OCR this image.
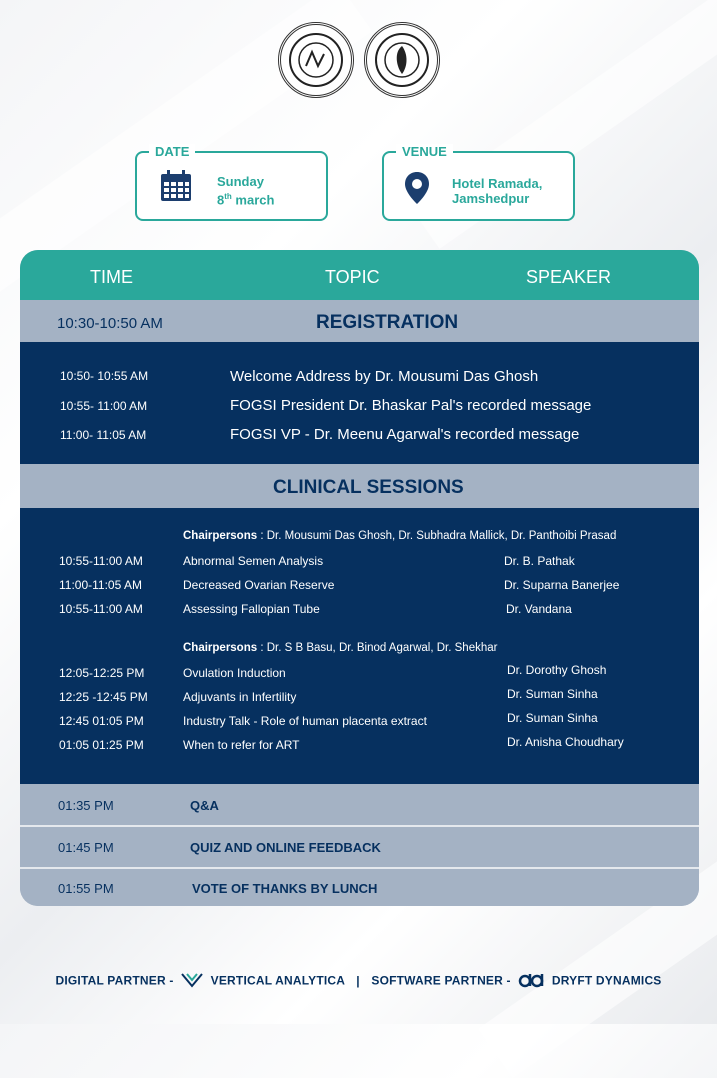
DATE
Sunday
8th march
VENUE
Hotel Ramada,
Jamshedpur
TIME	TOPIC	SPEAKER
10:30-10:50 AM	REGISTRATION
10:50- 10:55 AM	Welcome Address by Dr. Mousumi Das Ghosh
10:55- 11:00 AM	FOGSI President Dr. Bhaskar Pal's recorded message
11:00- 11:05 AM	FOGSI VP - Dr. Meenu Agarwal's recorded message
CLINICAL SESSIONS
Chairpersons : Dr. Mousumi Das Ghosh, Dr. Subhadra Mallick, Dr. Panthoibi Prasad
10:55-11:00 AM	Abnormal Semen Analysis	Dr. B. Pathak
11:00-11:05 AM	Decreased Ovarian Reserve	Dr. Suparna Banerjee
10:55-11:00 AM	Assessing Fallopian Tube	Dr. Vandana
Chairpersons : Dr. S B Basu, Dr. Binod Agarwal, Dr. Shekhar
12:05-12:25 PM	Ovulation Induction	Dr. Dorothy Ghosh
12:25 -12:45 PM	Adjuvants in Infertility	Dr. Suman Sinha
12:45 01:05 PM	Industry Talk - Role of human placenta extract	Dr. Suman Sinha
01:05 01:25 PM	When to refer for ART	Dr. Anisha Choudhary
01:35 PM	Q&A
01:45 PM	QUIZ AND ONLINE FEEDBACK
01:55 PM	VOTE OF THANKS BY LUNCH
DIGITAL PARTNER -	VERTICAL ANALYTICA | SOFTWARE PARTNER -	DRYFT DYNAMICS
